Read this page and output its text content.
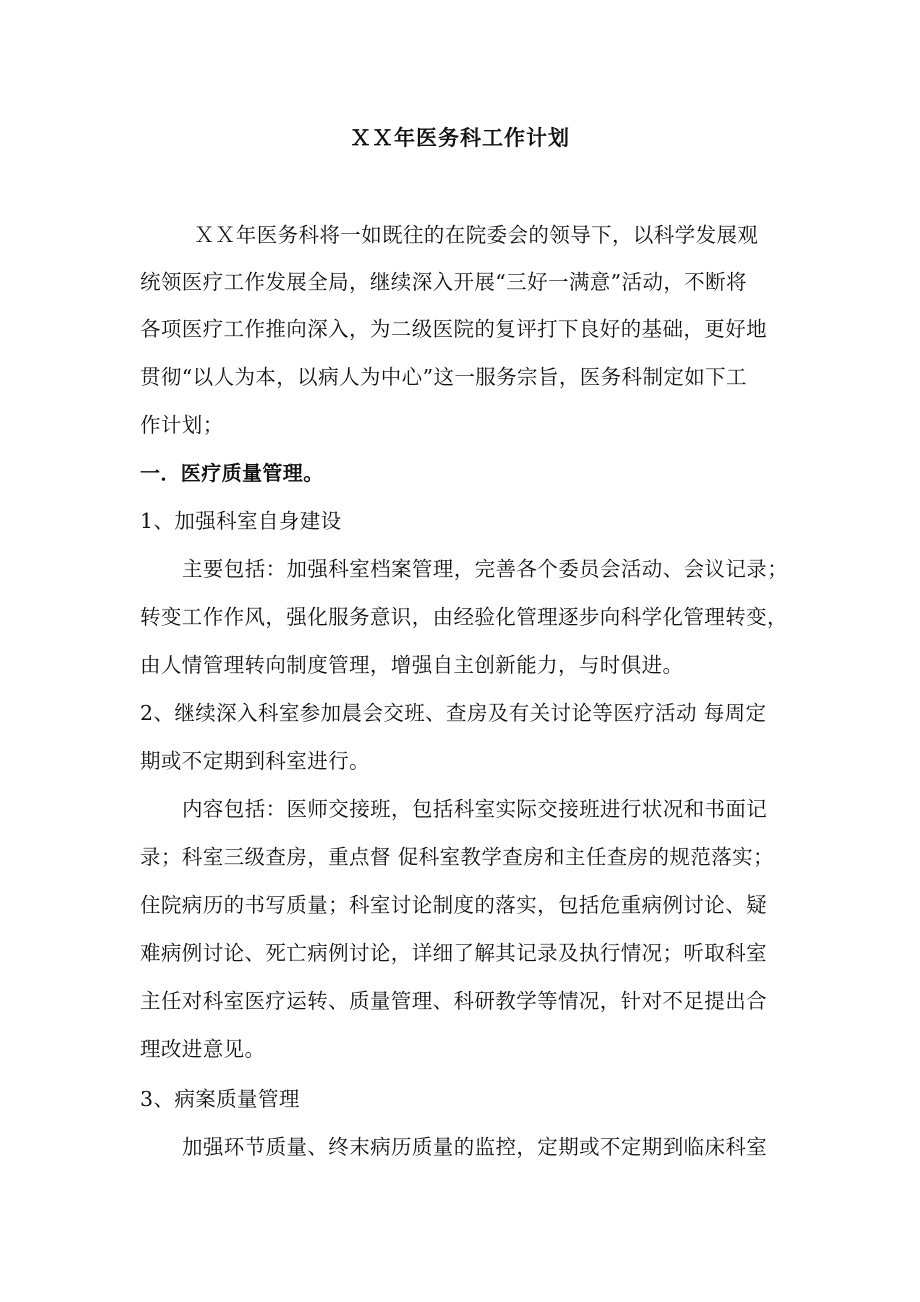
ＸＸ年医务科工作计划
ＸＸ年医务科将一如既往的在院委会的领导下，以科学发展观
统领医疗工作发展全局，继续深入开展“三好一满意”活动，不断将
各项医疗工作推向深入，为二级医院的复评打下良好的基础，更好地
贯彻“以人为本，以病人为中心”这一服务宗旨，医务科制定如下工
作计划；
一．医疗质量管理。
1、加强科室自身建设
主要包括：加强科室档案管理，完善各个委员会活动、会议记录；
转变工作作风，强化服务意识，由经验化管理逐步向科学化管理转变，
由人情管理转向制度管理，增强自主创新能力，与时俱进。
2、继续深入科室参加晨会交班、查房及有关讨论等医疗活动 每周定
期或不定期到科室进行。
内容包括：医师交接班，包括科室实际交接班进行状况和书面记
录；科室三级查房，重点督 促科室教学查房和主任查房的规范落实；
住院病历的书写质量；科室讨论制度的落实，包括危重病例讨论、疑
难病例讨论、死亡病例讨论，详细了解其记录及执行情况；听取科室
主任对科室医疗运转、质量管理、科研教学等情况，针对不足提出合
理改进意见。
3、病案质量管理
加强环节质量、终末病历质量的监控，定期或不定期到临床科室
